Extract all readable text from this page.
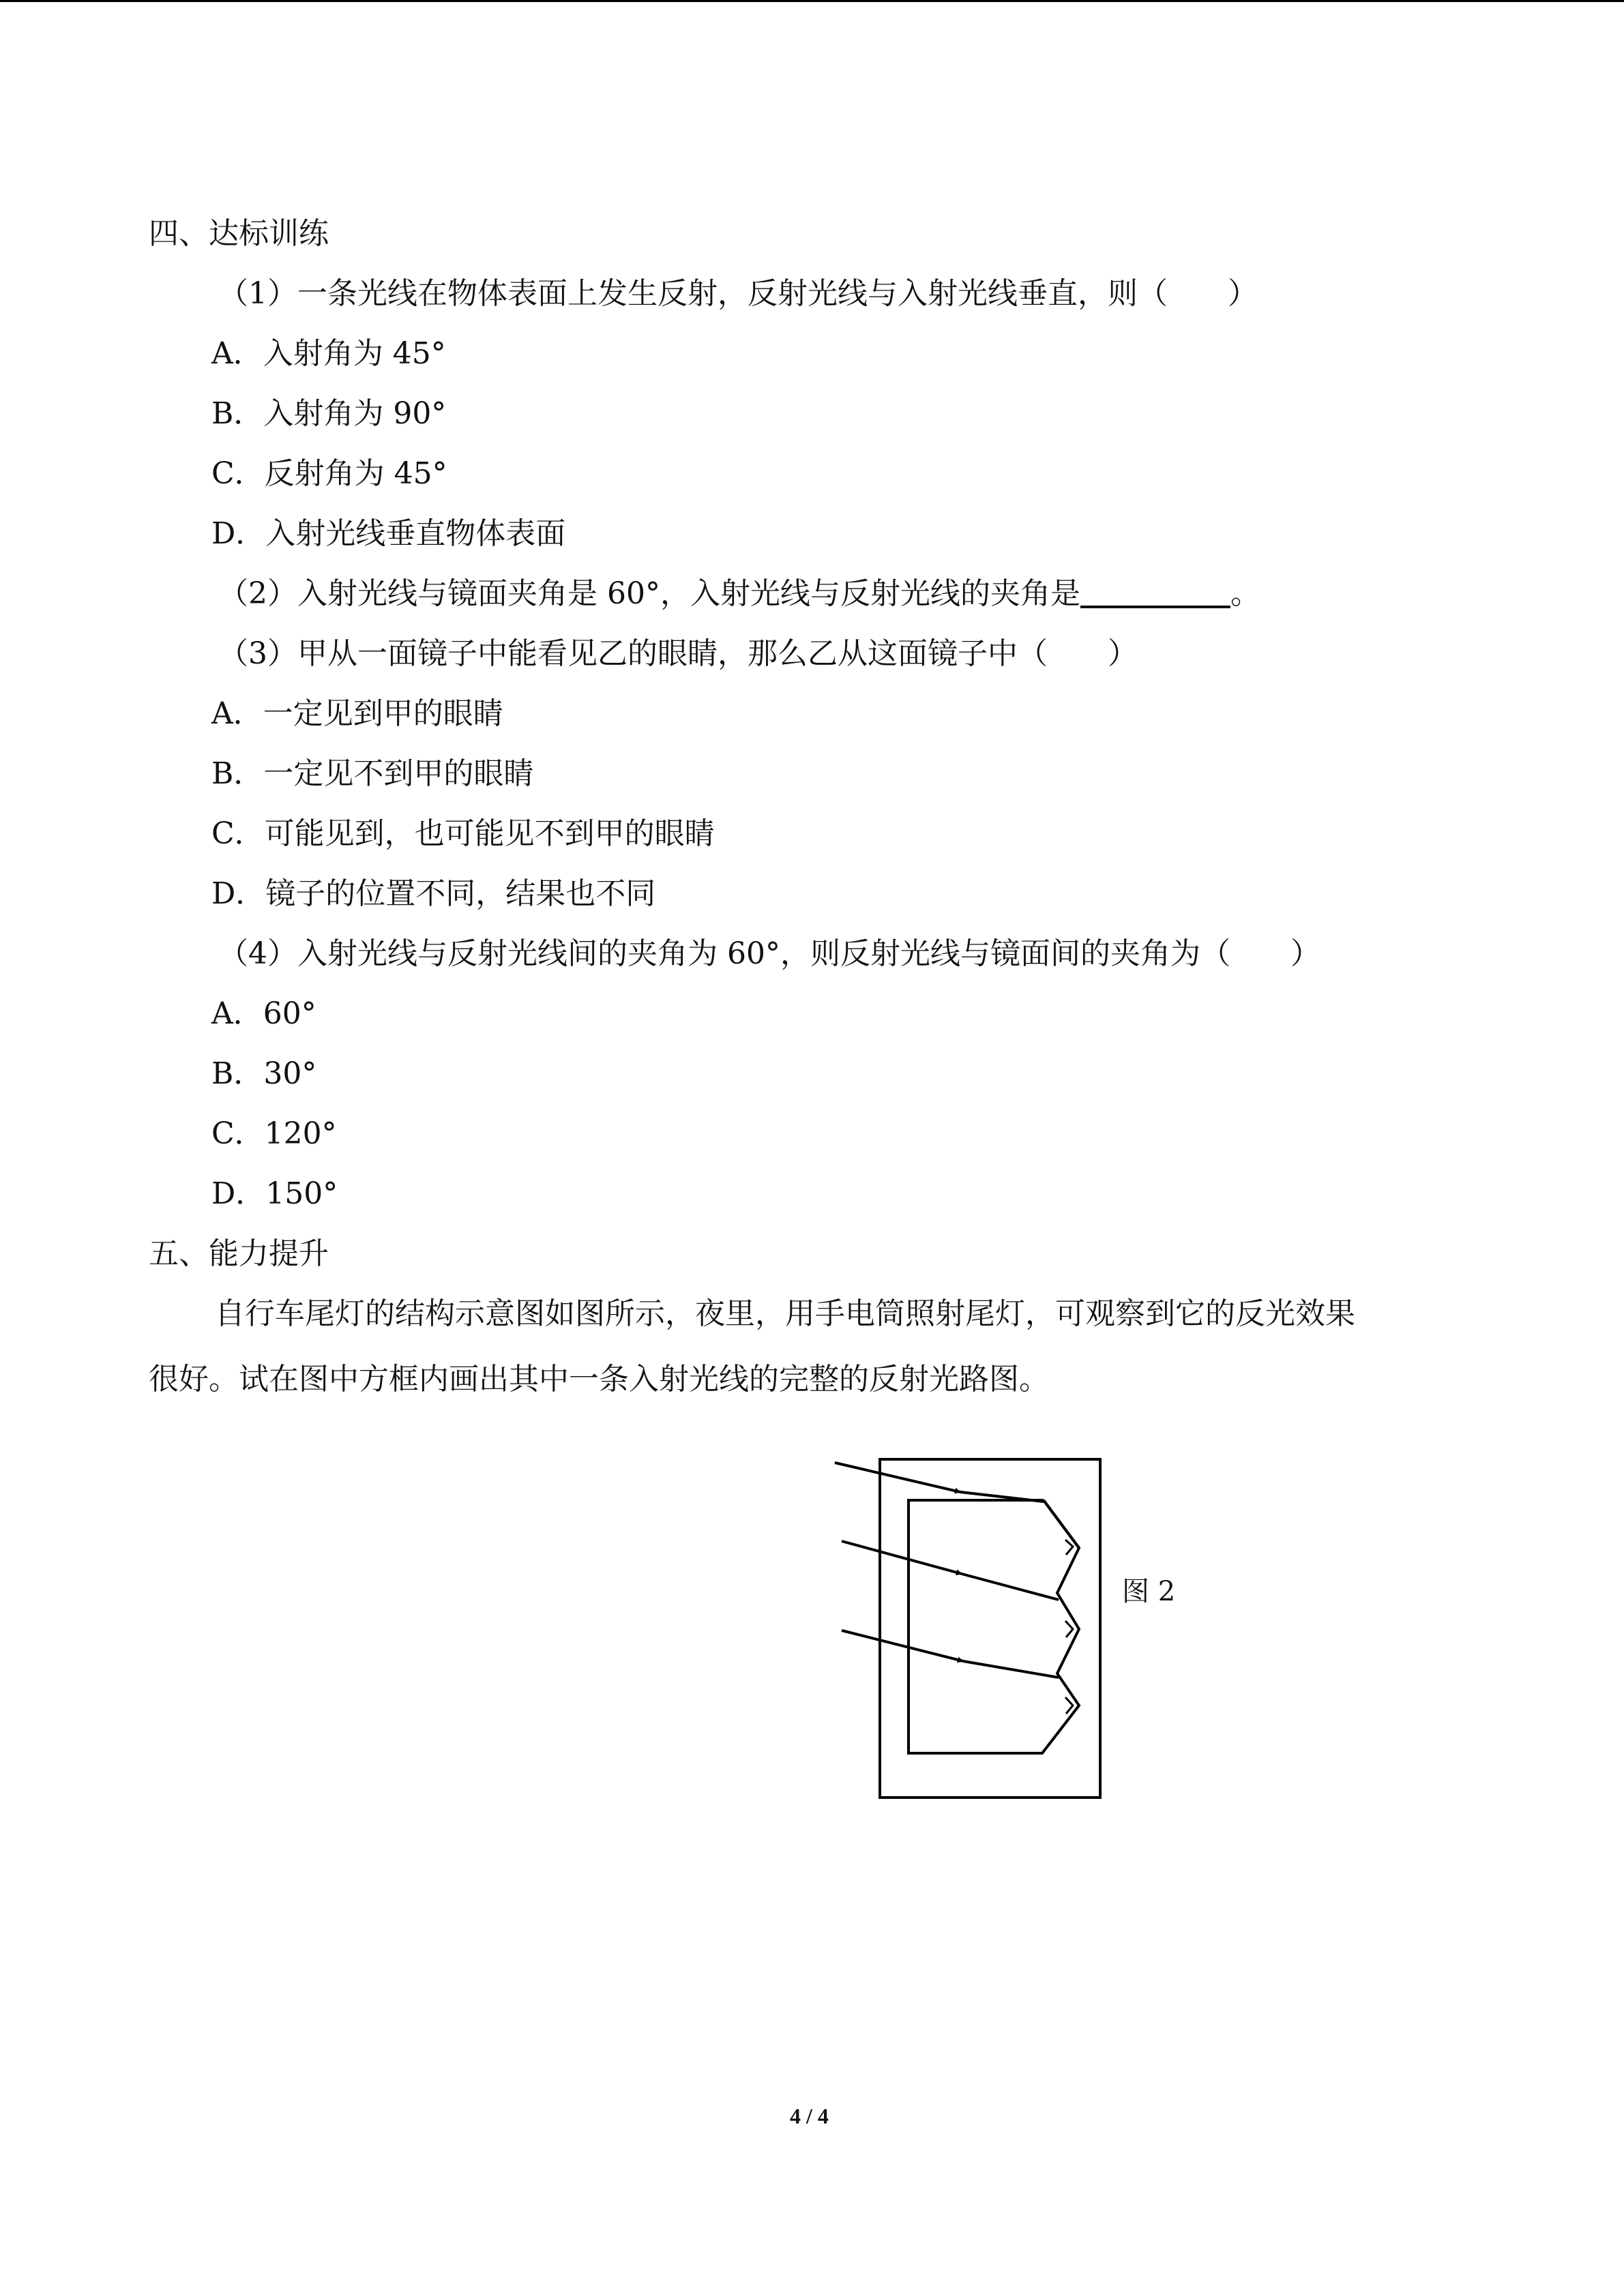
四、达标训练
（1）一条光线在物体表面上发生反射，反射光线与入射光线垂直，则（　　）
A．入射角为 45°
B．入射角为 90°
C．反射角为 45°
D．入射光线垂直物体表面
（2）入射光线与镜面夹角是 60°，入射光线与反射光线的夹角是　　　　　	。
（3）甲从一面镜子中能看见乙的眼睛，那么乙从这面镜子中（　　）
A．一定见到甲的眼睛
B．一定见不到甲的眼睛
C．可能见到，也可能见不到甲的眼睛
D．镜子的位置不同，结果也不同
（4）入射光线与反射光线间的夹角为 60°，则反射光线与镜面间的夹角为（　　）
A．60°
B．30°
C．120°
D．150°
五、能力提升
自行车尾灯的结构示意图如图所示，夜里，用手电筒照射尾灯，可观察到它的反光效果
很好。试在图中方框内画出其中一条入射光线的完整的反射光路图。
图 2
4 / 4
